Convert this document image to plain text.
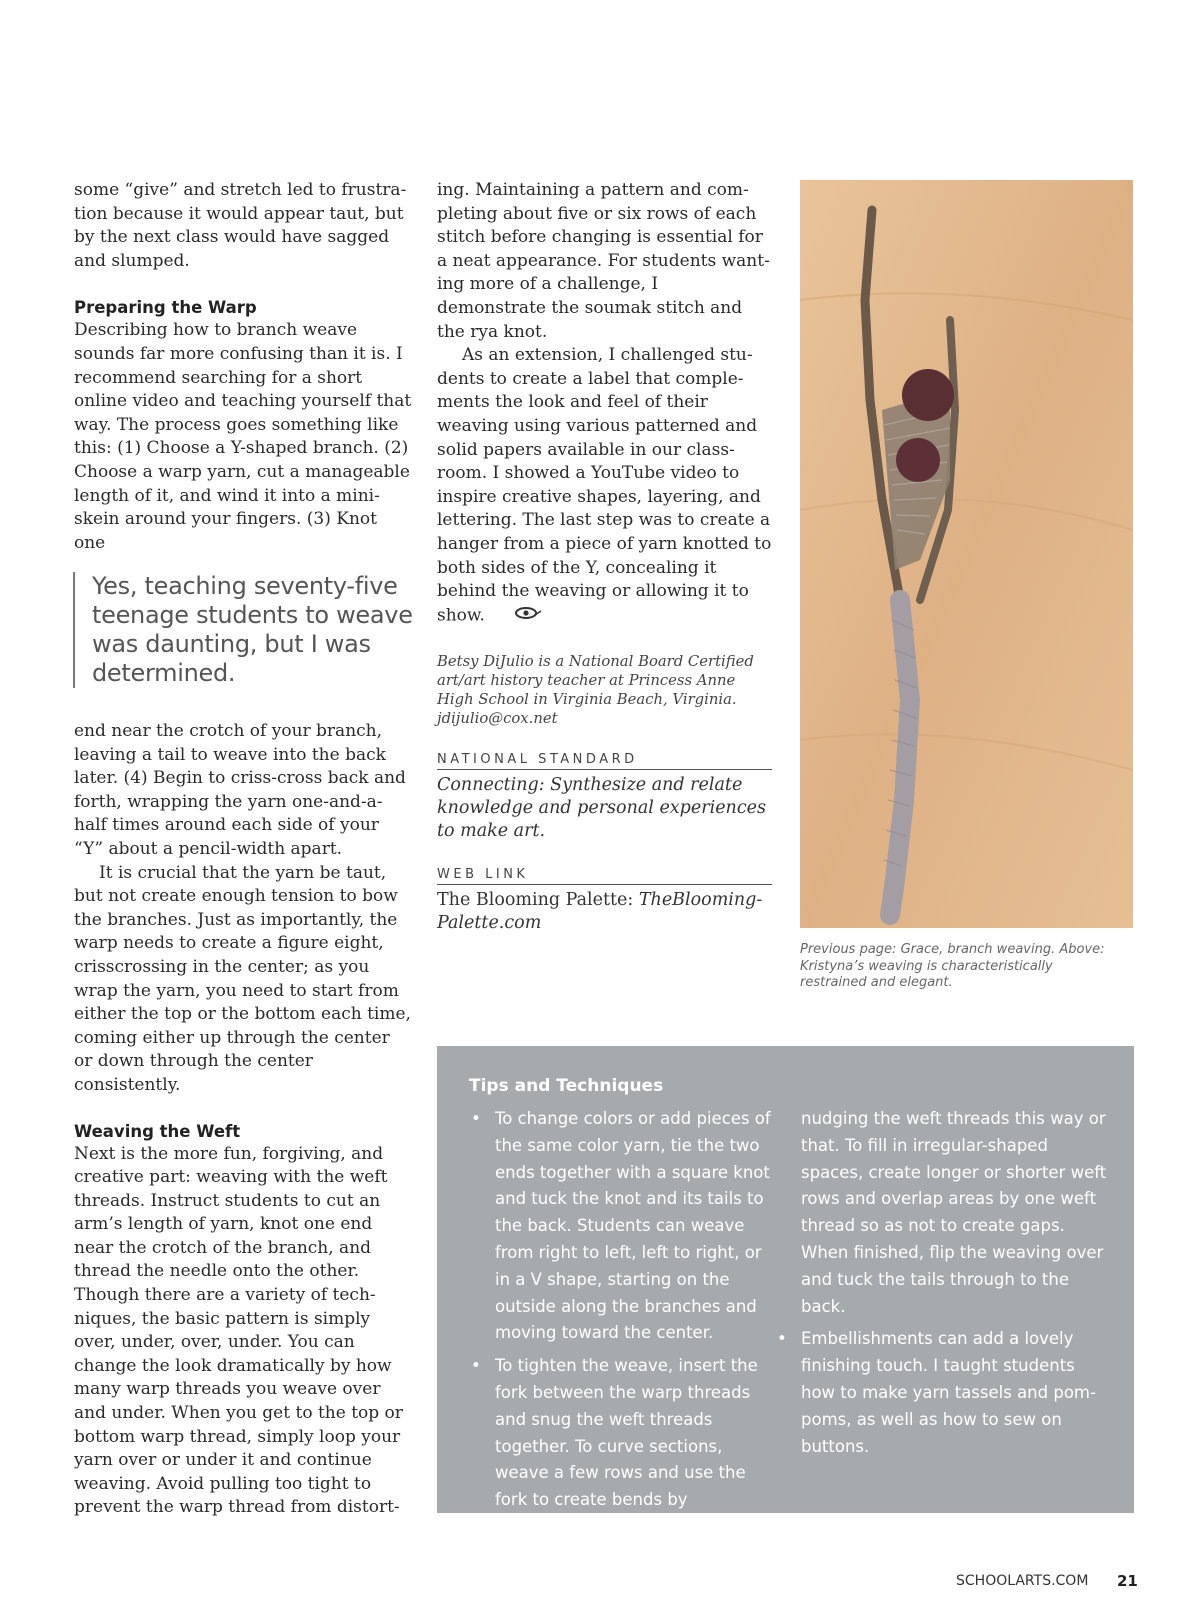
some “give” and stretch led to frustration because it would appear taut, but by the next class would have sagged and slumped.

Preparing the Warp

Describing how to branch weave sounds far more confusing than it is. I recommend searching for a short online video and teaching yourself that way. The process goes something like this: (1) Choose a Y-shaped branch. (2) Choose a warp yarn, cut a manageable length of it, and wind it into a mini-skein around your fingers. (3) Knot one

Yes, teaching seventy-five teenage students to weave was daunting, but I was determined.

end near the crotch of your branch, leaving a tail to weave into the back later. (4) Begin to criss-cross back and forth, wrapping the yarn one-and-a-half times around each side of your “Y” about a pencil-width apart.

It is crucial that the yarn be taut, but not create enough tension to bow the branches. Just as importantly, the warp needs to create a figure eight, crisscrossing in the center; as you wrap the yarn, you need to start from either the top or the bottom each time, coming either up through the center or down through the center consistently.

Weaving the Weft

Next is the more fun, forgiving, and creative part: weaving with the weft threads. Instruct students to cut an arm’s length of yarn, knot one end near the crotch of the branch, and thread the needle onto the other. Though there are a variety of techniques, the basic pattern is simply over, under, over, under. You can change the look dramatically by how many warp threads you weave over and under. When you get to the top or bottom warp thread, simply loop your yarn over or under it and continue weaving. Avoid pulling too tight to prevent the warp thread from distort-

ing. Maintaining a pattern and completing about five or six rows of each stitch before changing is essential for a neat appearance. For students wanting more of a challenge, I demonstrate the soumak stitch and the rya knot.

As an extension, I challenged students to create a label that complements the look and feel of their weaving using various patterned and solid papers available in our classroom. I showed a YouTube video to inspire creative shapes, layering, and lettering. The last step was to create a hanger from a piece of yarn knotted to both sides of the Y, concealing it behind the weaving or allowing it to show.

Betsy DiJulio is a National Board Certified art/art history teacher at Princess Anne High School in Virginia Beach, Virginia.

jdijulio@cox.net

NATIONAL STANDARD

Connecting: Synthesize and relate knowledge and personal experiences to make art.

WEB LINK

The Blooming Palette: TheBloomingPalette.com

Previous page: Grace, branch weaving. Above: Kristyna’s weaving is characteristically restrained and elegant.
Tips and Techniques

• To change colors or add pieces of the same color yarn, tie the two ends together with a square knot and tuck the knot and its tails to the back. Students can weave from right to left, left to right, or in a V shape, starting on the outside along the branches and moving toward the center.

• To tighten the weave, insert the fork between the warp threads and snug the weft threads together. To curve sections, weave a few rows and use the fork to create bends by

nudging the weft threads this way or that. To fill in irregular-shaped spaces, create longer or shorter weft rows and overlap areas by one weft thread so as not to create gaps. When finished, flip the weaving over and tuck the tails through to the back.

• Embellishments can add a lovely finishing touch. I taught students how to make yarn tassels and pom-poms, as well as how to sew on buttons.

SCHOOLARTS.COM 21
